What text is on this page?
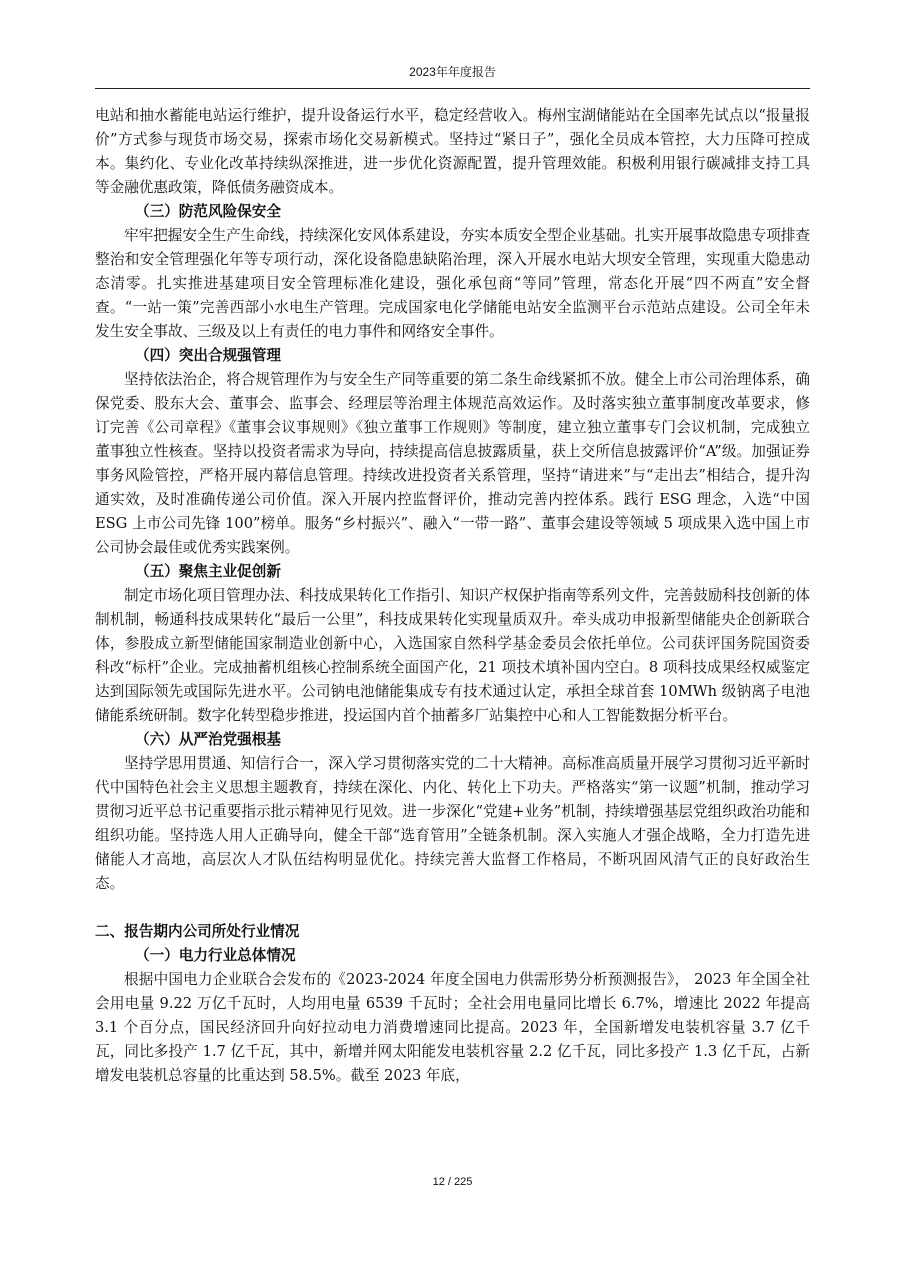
2023年年度报告

电站和抽水蓄能电站运行维护，提升设备运行水平，稳定经营收入。梅州宝湖储能站在全国率先试点以“报量报价”方式参与现货市场交易，探索市场化交易新模式。坚持过“紧日子”，强化全员成本管控，大力压降可控成本。集约化、专业化改革持续纵深推进，进一步优化资源配置，提升管理效能。积极利用银行碳减排支持工具等金融优惠政策，降低债务融资成本。

（三）防范风险保安全

牢牢把握安全生产生命线，持续深化安风体系建设，夯实本质安全型企业基础。扎实开展事故隐患专项排查整治和安全管理强化年等专项行动，深化设备隐患缺陷治理，深入开展水电站大坝安全管理，实现重大隐患动态清零。扎实推进基建项目安全管理标准化建设，强化承包商“等同”管理，常态化开展“四不两直”安全督查。“一站一策”完善西部小水电生产管理。完成国家电化学储能电站安全监测平台示范站点建设。公司全年未发生安全事故、三级及以上有责任的电力事件和网络安全事件。

（四）突出合规强管理

坚持依法治企，将合规管理作为与安全生产同等重要的第二条生命线紧抓不放。健全上市公司治理体系，确保党委、股东大会、董事会、监事会、经理层等治理主体规范高效运作。及时落实独立董事制度改革要求，修订完善《公司章程》《董事会议事规则》《独立董事工作规则》等制度，建立独立董事专门会议机制，完成独立董事独立性核查。坚持以投资者需求为导向，持续提高信息披露质量，获上交所信息披露评价“A”级。加强证券事务风险管控，严格开展内幕信息管理。持续改进投资者关系管理，坚持“请进来”与“走出去”相结合，提升沟通实效，及时准确传递公司价值。深入开展内控监督评价，推动完善内控体系。践行 ESG 理念，入选“中国 ESG 上市公司先锋 100”榜单。服务“乡村振兴”、融入“一带一路”、董事会建设等领域 5 项成果入选中国上市公司协会最佳或优秀实践案例。

（五）聚焦主业促创新

制定市场化项目管理办法、科技成果转化工作指引、知识产权保护指南等系列文件，完善鼓励科技创新的体制机制，畅通科技成果转化“最后一公里”，科技成果转化实现量质双升。牵头成功申报新型储能央企创新联合体，参股成立新型储能国家制造业创新中心，入选国家自然科学基金委员会依托单位。公司获评国务院国资委科改“标杆”企业。完成抽蓄机组核心控制系统全面国产化，21 项技术填补国内空白。8 项科技成果经权威鉴定达到国际领先或国际先进水平。公司钠电池储能集成专有技术通过认定，承担全球首套 10MWh 级钠离子电池储能系统研制。数字化转型稳步推进，投运国内首个抽蓄多厂站集控中心和人工智能数据分析平台。

（六）从严治党强根基

坚持学思用贯通、知信行合一，深入学习贯彻落实党的二十大精神。高标准高质量开展学习贯彻习近平新时代中国特色社会主义思想主题教育，持续在深化、内化、转化上下功夫。严格落实“第一议题”机制，推动学习贯彻习近平总书记重要指示批示精神见行见效。进一步深化“党建+业务”机制，持续增强基层党组织政治功能和组织功能。坚持选人用人正确导向，健全干部“选育管用”全链条机制。深入实施人才强企战略，全力打造先进储能人才高地，高层次人才队伍结构明显优化。持续完善大监督工作格局，不断巩固风清气正的良好政治生态。

二、报告期内公司所处行业情况

（一）电力行业总体情况

根据中国电力企业联合会发布的《2023-2024 年度全国电力供需形势分析预测报告》， 2023 年全国全社会用电量 9.22 万亿千瓦时，人均用电量 6539 千瓦时；全社会用电量同比增长 6.7%，增速比 2022 年提高 3.1 个百分点，国民经济回升向好拉动电力消费增速同比提高。2023 年，全国新增发电装机容量 3.7 亿千瓦，同比多投产 1.7 亿千瓦，其中，新增并网太阳能发电装机容量 2.2 亿千瓦，同比多投产 1.3 亿千瓦，占新增发电装机总容量的比重达到 58.5%。截至 2023 年底，

12 / 225
